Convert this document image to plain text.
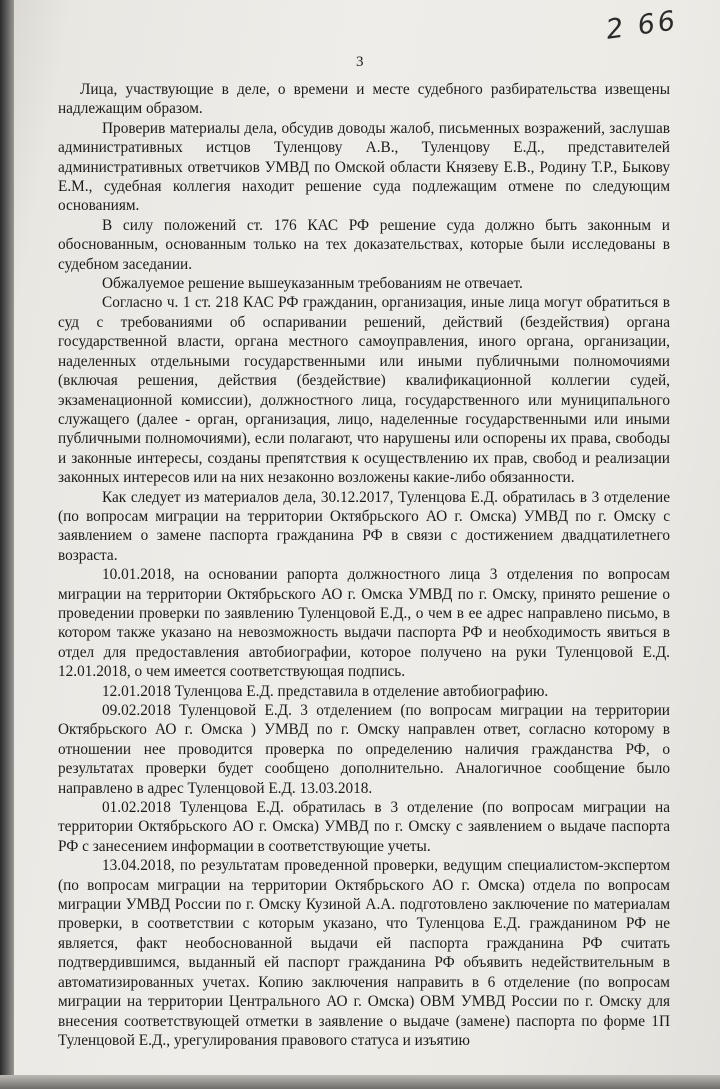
3
2 66

Лица, участвующие в деле, о времени и месте судебного разбирательства извещены надлежащим образом.

Проверив материалы дела, обсудив доводы жалоб, письменных возражений, заслушав административных истцов Туленцову А.В., Туленцову Е.Д., представителей административных ответчиков УМВД по Омской области Князеву Е.В., Родину Т.Р., Быкову Е.М., судебная коллегия находит решение суда подлежащим отмене по следующим основаниям.

В силу положений ст. 176 КАС РФ решение суда должно быть законным и обоснованным, основанным только на тех доказательствах, которые были исследованы в судебном заседании.

Обжалуемое решение вышеуказанным требованиям не отвечает.

Согласно ч. 1 ст. 218 КАС РФ гражданин, организация, иные лица могут обратиться в суд с требованиями об оспаривании решений, действий (бездействия) органа государственной власти, органа местного самоуправления, иного органа, организации, наделенных отдельными государственными или иными публичными полномочиями (включая решения, действия (бездействие) квалификационной коллегии судей, экзаменационной комиссии), должностного лица, государственного или муниципального служащего (далее - орган, организация, лицо, наделенные государственными или иными публичными полномочиями), если полагают, что нарушены или оспорены их права, свободы и законные интересы, созданы препятствия к осуществлению их прав, свобод и реализации законных интересов или на них незаконно возложены какие-либо обязанности.

Как следует из материалов дела, 30.12.2017, Туленцова Е.Д. обратилась в 3 отделение (по вопросам миграции на территории Октябрьского АО г. Омска) УМВД по г. Омску с заявлением о замене паспорта гражданина РФ в связи с достижением двадцатилетнего возраста.

10.01.2018, на основании рапорта должностного лица 3 отделения по вопросам миграции на территории Октябрьского АО г. Омска УМВД по г. Омску, принято решение о проведении проверки по заявлению Туленцовой Е.Д., о чем в ее адрес направлено письмо, в котором также указано на невозможность выдачи паспорта РФ и необходимость явиться в отдел для предоставления автобиографии, которое получено на руки Туленцовой Е.Д. 12.01.2018, о чем имеется соответствующая подпись.

12.01.2018 Туленцова Е.Д. представила в отделение автобиографию.

09.02.2018 Туленцовой Е.Д. 3 отделением (по вопросам миграции на территории Октябрьского АО г. Омска ) УМВД по г. Омску направлен ответ, согласно которому в отношении нее проводится проверка по определению наличия гражданства РФ, о результатах проверки будет сообщено дополнительно. Аналогичное сообщение было направлено в адрес Туленцовой Е.Д. 13.03.2018.

01.02.2018 Туленцова Е.Д. обратилась в 3 отделение (по вопросам миграции на территории Октябрьского АО г. Омска) УМВД по г. Омску с заявлением о выдаче паспорта РФ с занесением информации в соответствующие учеты.

13.04.2018, по результатам проведенной проверки, ведущим специалистом-экспертом (по вопросам миграции на территории Октябрьского АО г. Омска) отдела по вопросам миграции УМВД России по г. Омску Кузиной А.А. подготовлено заключение по материалам проверки, в соответствии с которым указано, что Туленцова Е.Д. гражданином РФ не является, факт необоснованной выдачи ей паспорта гражданина РФ считать подтвердившимся, выданный ей паспорт гражданина РФ объявить недействительным в автоматизированных учетах. Копию заключения направить в 6 отделение (по вопросам миграции на территории Центрального АО г. Омска) ОВМ УМВД России по г. Омску для внесения соответствующей отметки в заявление о выдаче (замене) паспорта по форме 1П Туленцовой Е.Д., урегулирования правового статуса и изъятию
